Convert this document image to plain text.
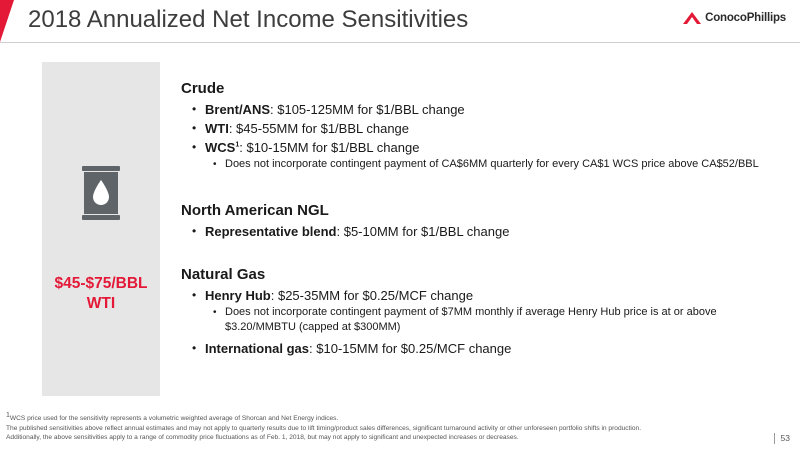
2018 Annualized Net Income Sensitivities	ConocoPhillips
$45-$75/BBL
WTI
Crude
• Brent/ANS: $105-125MM for $1/BBL change
• WTI: $45-55MM for $1/BBL change
• WCS$^1$: $10-15MM for $1/BBL change
• Does not incorporate contingent payment of CA$6MM quarterly for every CA$1 WCS price above CA$52/BBL
North American NGL
• Representative blend: $5-10MM for $1/BBL change
Natural Gas
• Henry Hub: $25-35MM for $0.25/MCF change
• Does not incorporate contingent payment of $7MM monthly if average Henry Hub price is at or above $3.20/MMBTU (capped at $300MM)
• International gas: $10-15MM for $0.25/MCF change
$^1$WCS price used for the sensitivity represents a volumetric weighted average of Shorcan and Net Energy indices.
The published sensitivities above reflect annual estimates and may not apply to quarterly results due to lift timing/product sales differences, significant turnaround activity or other unforeseen portfolio shifts in production.
Additionally, the above sensitivities apply to a range of commodity price fluctuations as of Feb. 1, 2018, but may not apply to significant and unexpected increases or decreases.	53
